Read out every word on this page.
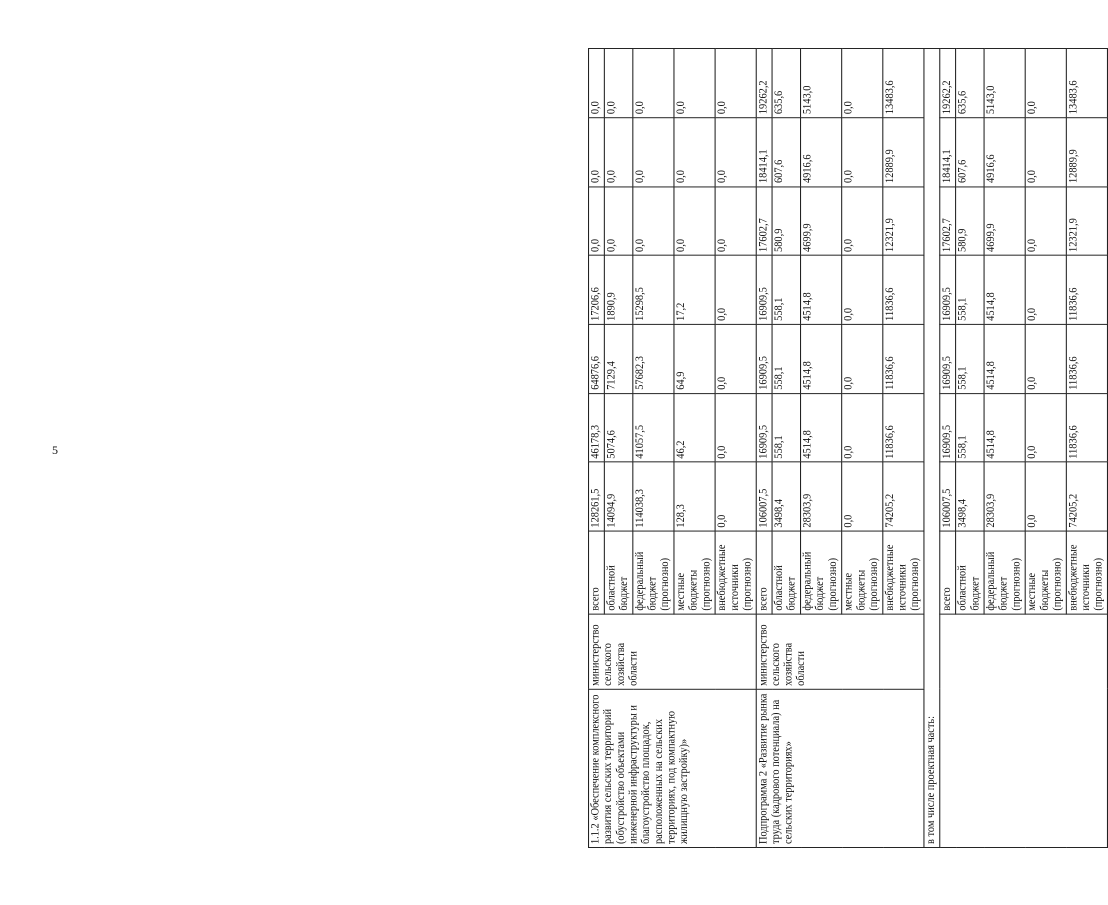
5
1.1.2 «Обеспечение комплексного развития сельских территорий (обустройство объектами инженерной инфраструктуры и благоустройство площадок, расположенных на сельских территориях, под компактную жилищную застройку)»	министерство сельского хозяйства области	всего	128261,5	46178,3	64876,6	17206,6	0,0	0,0	0,0
		областной бюджет	14094,9	5074,6	7129,4	1890,9	0,0	0,0	0,0
		федеральный бюджет (прогнозно)	114038,3	41057,5	57682,3	15298,5	0,0	0,0	0,0
		местные бюджеты (прогнозно)	128,3	46,2	64,9	17,2	0,0	0,0	0,0
		внебюджетные источники (прогнозно)	0,0	0,0	0,0	0,0	0,0	0,0	0,0
Подпрограмма 2 «Развитие рынка труда (кадрового потенциала) на сельских территориях»	министерство сельского хозяйства области	всего	106007,5	16909,5	16909,5	16909,5	17602,7	18414,1	19262,2
		областной бюджет	3498,4	558,1	558,1	558,1	580,9	607,6	635,6
		федеральный бюджет (прогнозно)	28303,9	4514,8	4514,8	4514,8	4699,9	4916,6	5143,0
		местные бюджеты (прогнозно)	0,0	0,0	0,0	0,0	0,0	0,0	0,0
		внебюджетные источники (прогнозно)	74205,2	11836,6	11836,6	11836,6	12321,9	12889,9	13483,6
в том числе проектная часть:									
		всего	106007,5	16909,5	16909,5	16909,5	17602,7	18414,1	19262,2
		областной бюджет	3498,4	558,1	558,1	558,1	580,9	607,6	635,6
		федеральный бюджет (прогнозно)	28303,9	4514,8	4514,8	4514,8	4699,9	4916,6	5143,0
		местные бюджеты (прогнозно)	0,0	0,0	0,0	0,0	0,0	0,0	0,0
		внебюджетные источники (прогнозно)	74205,2	11836,6	11836,6	11836,6	12321,9	12889,9	13483,6
